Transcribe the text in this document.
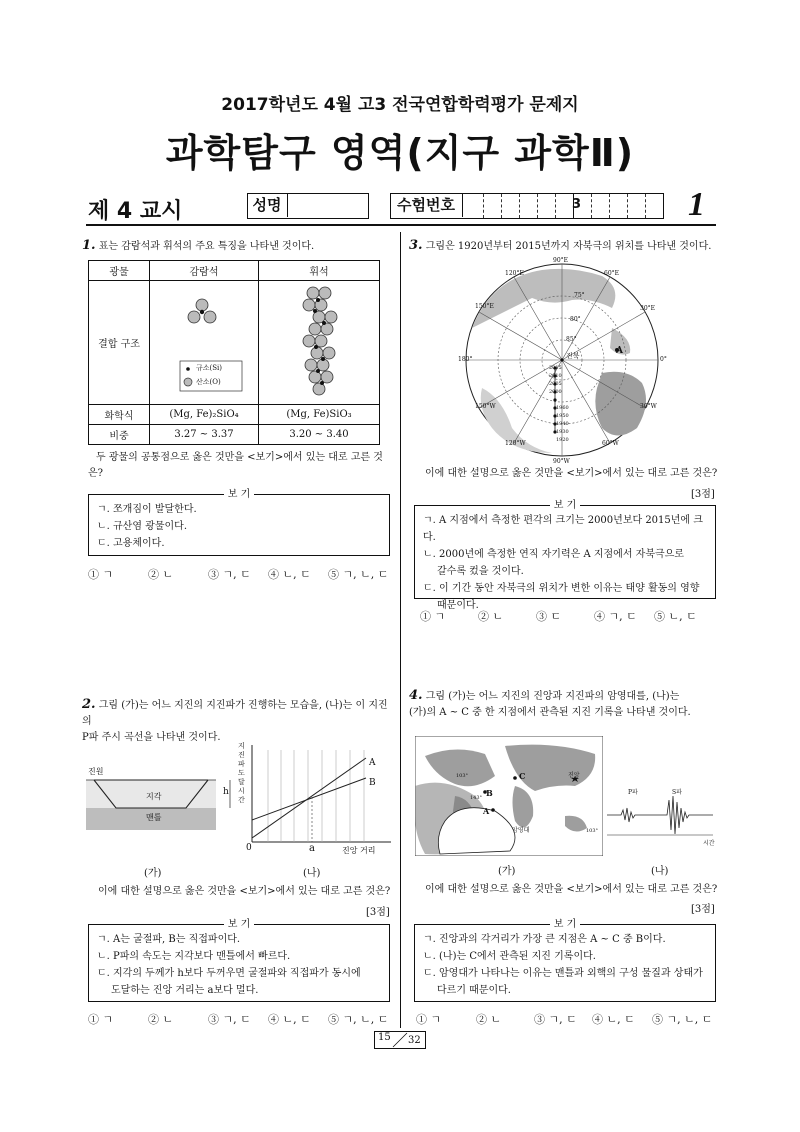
2017학년도 4월 고3 전국연합학력평가 문제지
과학탐구 영역(지구 과학Ⅱ)
제 4 교시	성명	3
수험번호	1
1. 표는 감람석과 휘석의 주요 특징을 나타낸 것이다.
광물	감람석	휘석
결합 구조	규소(Si)
산소(O)

화학식	(Mg, Fe)₂SiO₄	(Mg, Fe)SiO₃
비중	3.27 ~ 3.37	3.20 ~ 3.40
두 광물의 공통점으로 옳은 것만을 <보기>에서 있는 대로 고른 것은?
보 기
ㄱ. 쪼개짐이 발달한다.
ㄴ. 규산염 광물이다.
ㄷ. 고용체이다.
① ㄱ	② ㄴ	③ ㄱ, ㄷ ④ ㄴ, ㄷ ⑤ ㄱ, ㄴ, ㄷ
2. 그림 (가)는 어느 지진의 지진파가 진행하는 모습을, (나)는 이 지진의
P파 주시 곡선을 나타낸 것이다.
진원
지각
맨틀
h
지진파 도달 시간
0	a	진앙 거리
A
B
(가)	(나)
이에 대한 설명으로 옳은 것만을 <보기>에서 있는 대로 고른 것은?
[3점]
보 기
ㄱ. A는 굴절파, B는 직접파이다.
ㄴ. P파의 속도는 지각보다 맨틀에서 빠르다.
ㄷ. 지각의 두께가 h보다 두꺼우면 굴절파와 직접파가 동시에
도달하는 진앙 거리는 a보다 멀다.
① ㄱ	② ㄴ	③ ㄱ, ㄷ ④ ㄴ, ㄷ ⑤ ㄱ, ㄴ, ㄷ
3. 그림은 1920년부터 2015년까지 자북극의 위치를 나타낸 것이다.
90°E
120°E	60°E
150°E	30°E
180°	0°
150°W	30°W
120°W	60°W
90°W
75°
80°
85°
진북	A
2015
2010
2005
2000
1960
1950
1940
1930
1920
이에 대한 설명으로 옳은 것만을 <보기>에서 있는 대로 고른 것은?
[3점]
보 기
ㄱ. A 지점에서 측정한 편각의 크기는 2000년보다 2015년에 크다.
ㄴ. 2000년에 측정한 연직 자기력은 A 지점에서 자북극으로
갈수록 컸을 것이다.
ㄷ. 이 기간 동안 자북극의 위치가 변한 이유는 태양 활동의 영향
때문이다.
① ㄱ	② ㄴ	③ ㄷ	④ ㄱ, ㄷ ⑤ ㄴ, ㄷ
4. 그림 (가)는 어느 지진의 진앙과 지진파의 암영대를, (나)는
(가)의 A ~ C 중 한 지점에서 관측된 지진 기록을 나타낸 것이다.
진앙
암영대
103°
143°
103°
A
B
C
P파	S파
시간
(가)	(나)
이에 대한 설명으로 옳은 것만을 <보기>에서 있는 대로 고른 것은?
[3점]
보 기
ㄱ. 진앙과의 각거리가 가장 큰 지점은 A ~ C 중 B이다.
ㄴ. (나)는 C에서 관측된 지진 기록이다.
ㄷ. 암영대가 나타나는 이유는 맨틀과 외핵의 구성 물질과 상태가
다르기 때문이다.
① ㄱ	② ㄴ	③ ㄱ, ㄷ ④ ㄴ, ㄷ ⑤ ㄱ, ㄴ, ㄷ
15 32
